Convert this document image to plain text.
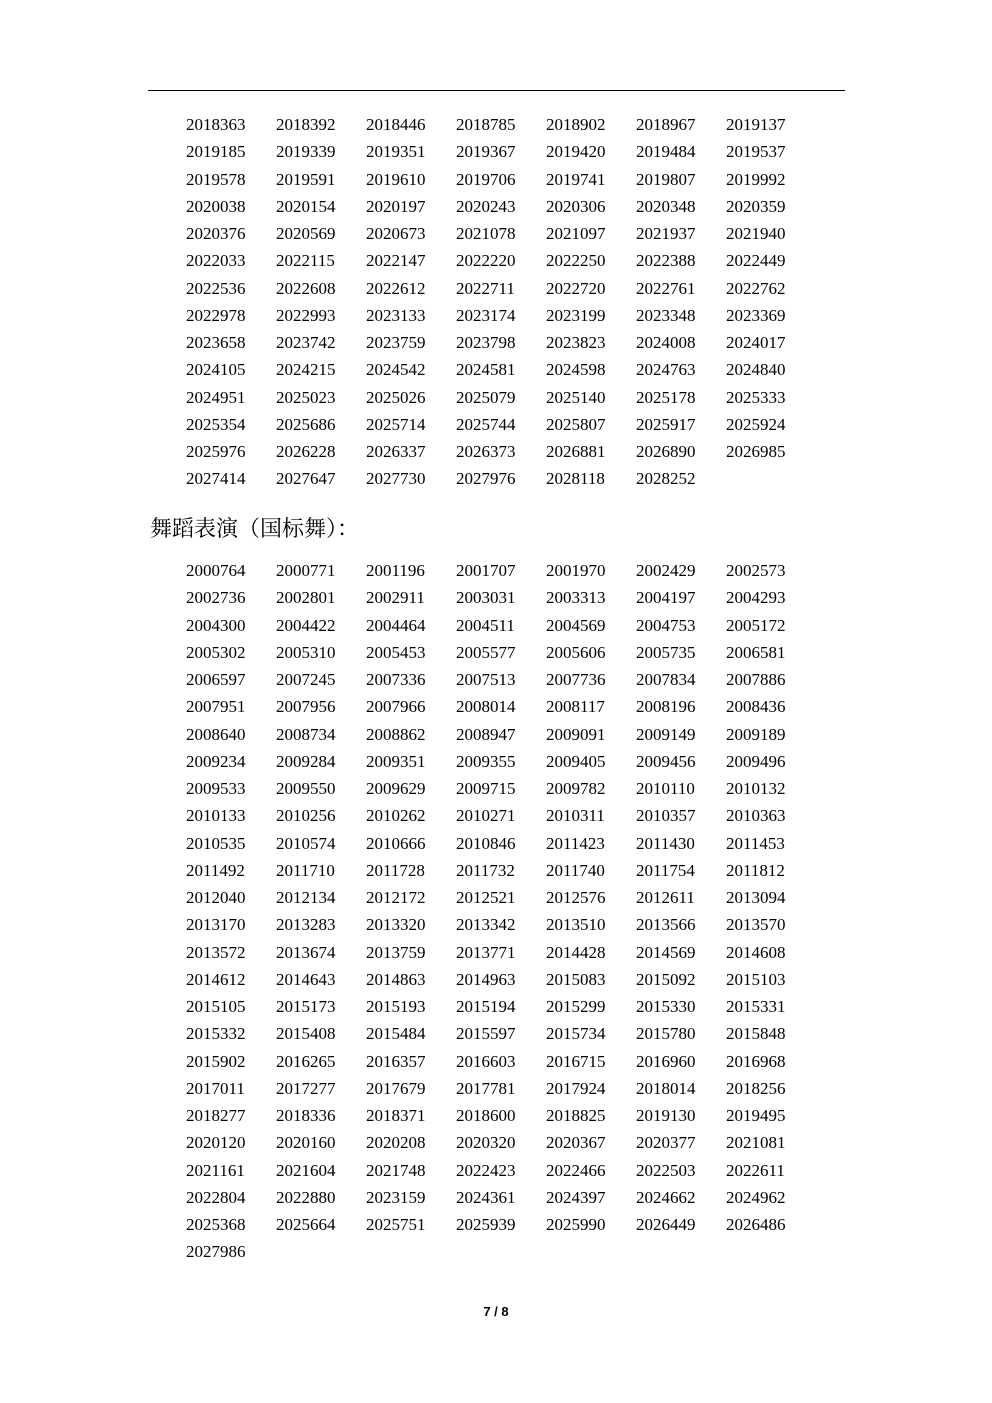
2018363	2018392	2018446	2018785	2018902	2018967	2019137
2019185	2019339	2019351	2019367	2019420	2019484	2019537
2019578	2019591	2019610	2019706	2019741	2019807	2019992
2020038	2020154	2020197	2020243	2020306	2020348	2020359
2020376	2020569	2020673	2021078	2021097	2021937	2021940
2022033	2022115	2022147	2022220	2022250	2022388	2022449
2022536	2022608	2022612	2022711	2022720	2022761	2022762
2022978	2022993	2023133	2023174	2023199	2023348	2023369
2023658	2023742	2023759	2023798	2023823	2024008	2024017
2024105	2024215	2024542	2024581	2024598	2024763	2024840
2024951	2025023	2025026	2025079	2025140	2025178	2025333
2025354	2025686	2025714	2025744	2025807	2025917	2025924
2025976	2026228	2026337	2026373	2026881	2026890	2026985
2027414	2027647	2027730	2027976	2028118	2028252
舞蹈表演（国标舞）：
2000764	2000771	2001196	2001707	2001970	2002429	2002573
2002736	2002801	2002911	2003031	2003313	2004197	2004293
2004300	2004422	2004464	2004511	2004569	2004753	2005172
2005302	2005310	2005453	2005577	2005606	2005735	2006581
2006597	2007245	2007336	2007513	2007736	2007834	2007886
2007951	2007956	2007966	2008014	2008117	2008196	2008436
2008640	2008734	2008862	2008947	2009091	2009149	2009189
2009234	2009284	2009351	2009355	2009405	2009456	2009496
2009533	2009550	2009629	2009715	2009782	2010110	2010132
2010133	2010256	2010262	2010271	2010311	2010357	2010363
2010535	2010574	2010666	2010846	2011423	2011430	2011453
2011492	2011710	2011728	2011732	2011740	2011754	2011812
2012040	2012134	2012172	2012521	2012576	2012611	2013094
2013170	2013283	2013320	2013342	2013510	2013566	2013570
2013572	2013674	2013759	2013771	2014428	2014569	2014608
2014612	2014643	2014863	2014963	2015083	2015092	2015103
2015105	2015173	2015193	2015194	2015299	2015330	2015331
2015332	2015408	2015484	2015597	2015734	2015780	2015848
2015902	2016265	2016357	2016603	2016715	2016960	2016968
2017011	2017277	2017679	2017781	2017924	2018014	2018256
2018277	2018336	2018371	2018600	2018825	2019130	2019495
2020120	2020160	2020208	2020320	2020367	2020377	2021081
2021161	2021604	2021748	2022423	2022466	2022503	2022611
2022804	2022880	2023159	2024361	2024397	2024662	2024962
2025368	2025664	2025751	2025939	2025990	2026449	2026486
2027986
7 / 8
